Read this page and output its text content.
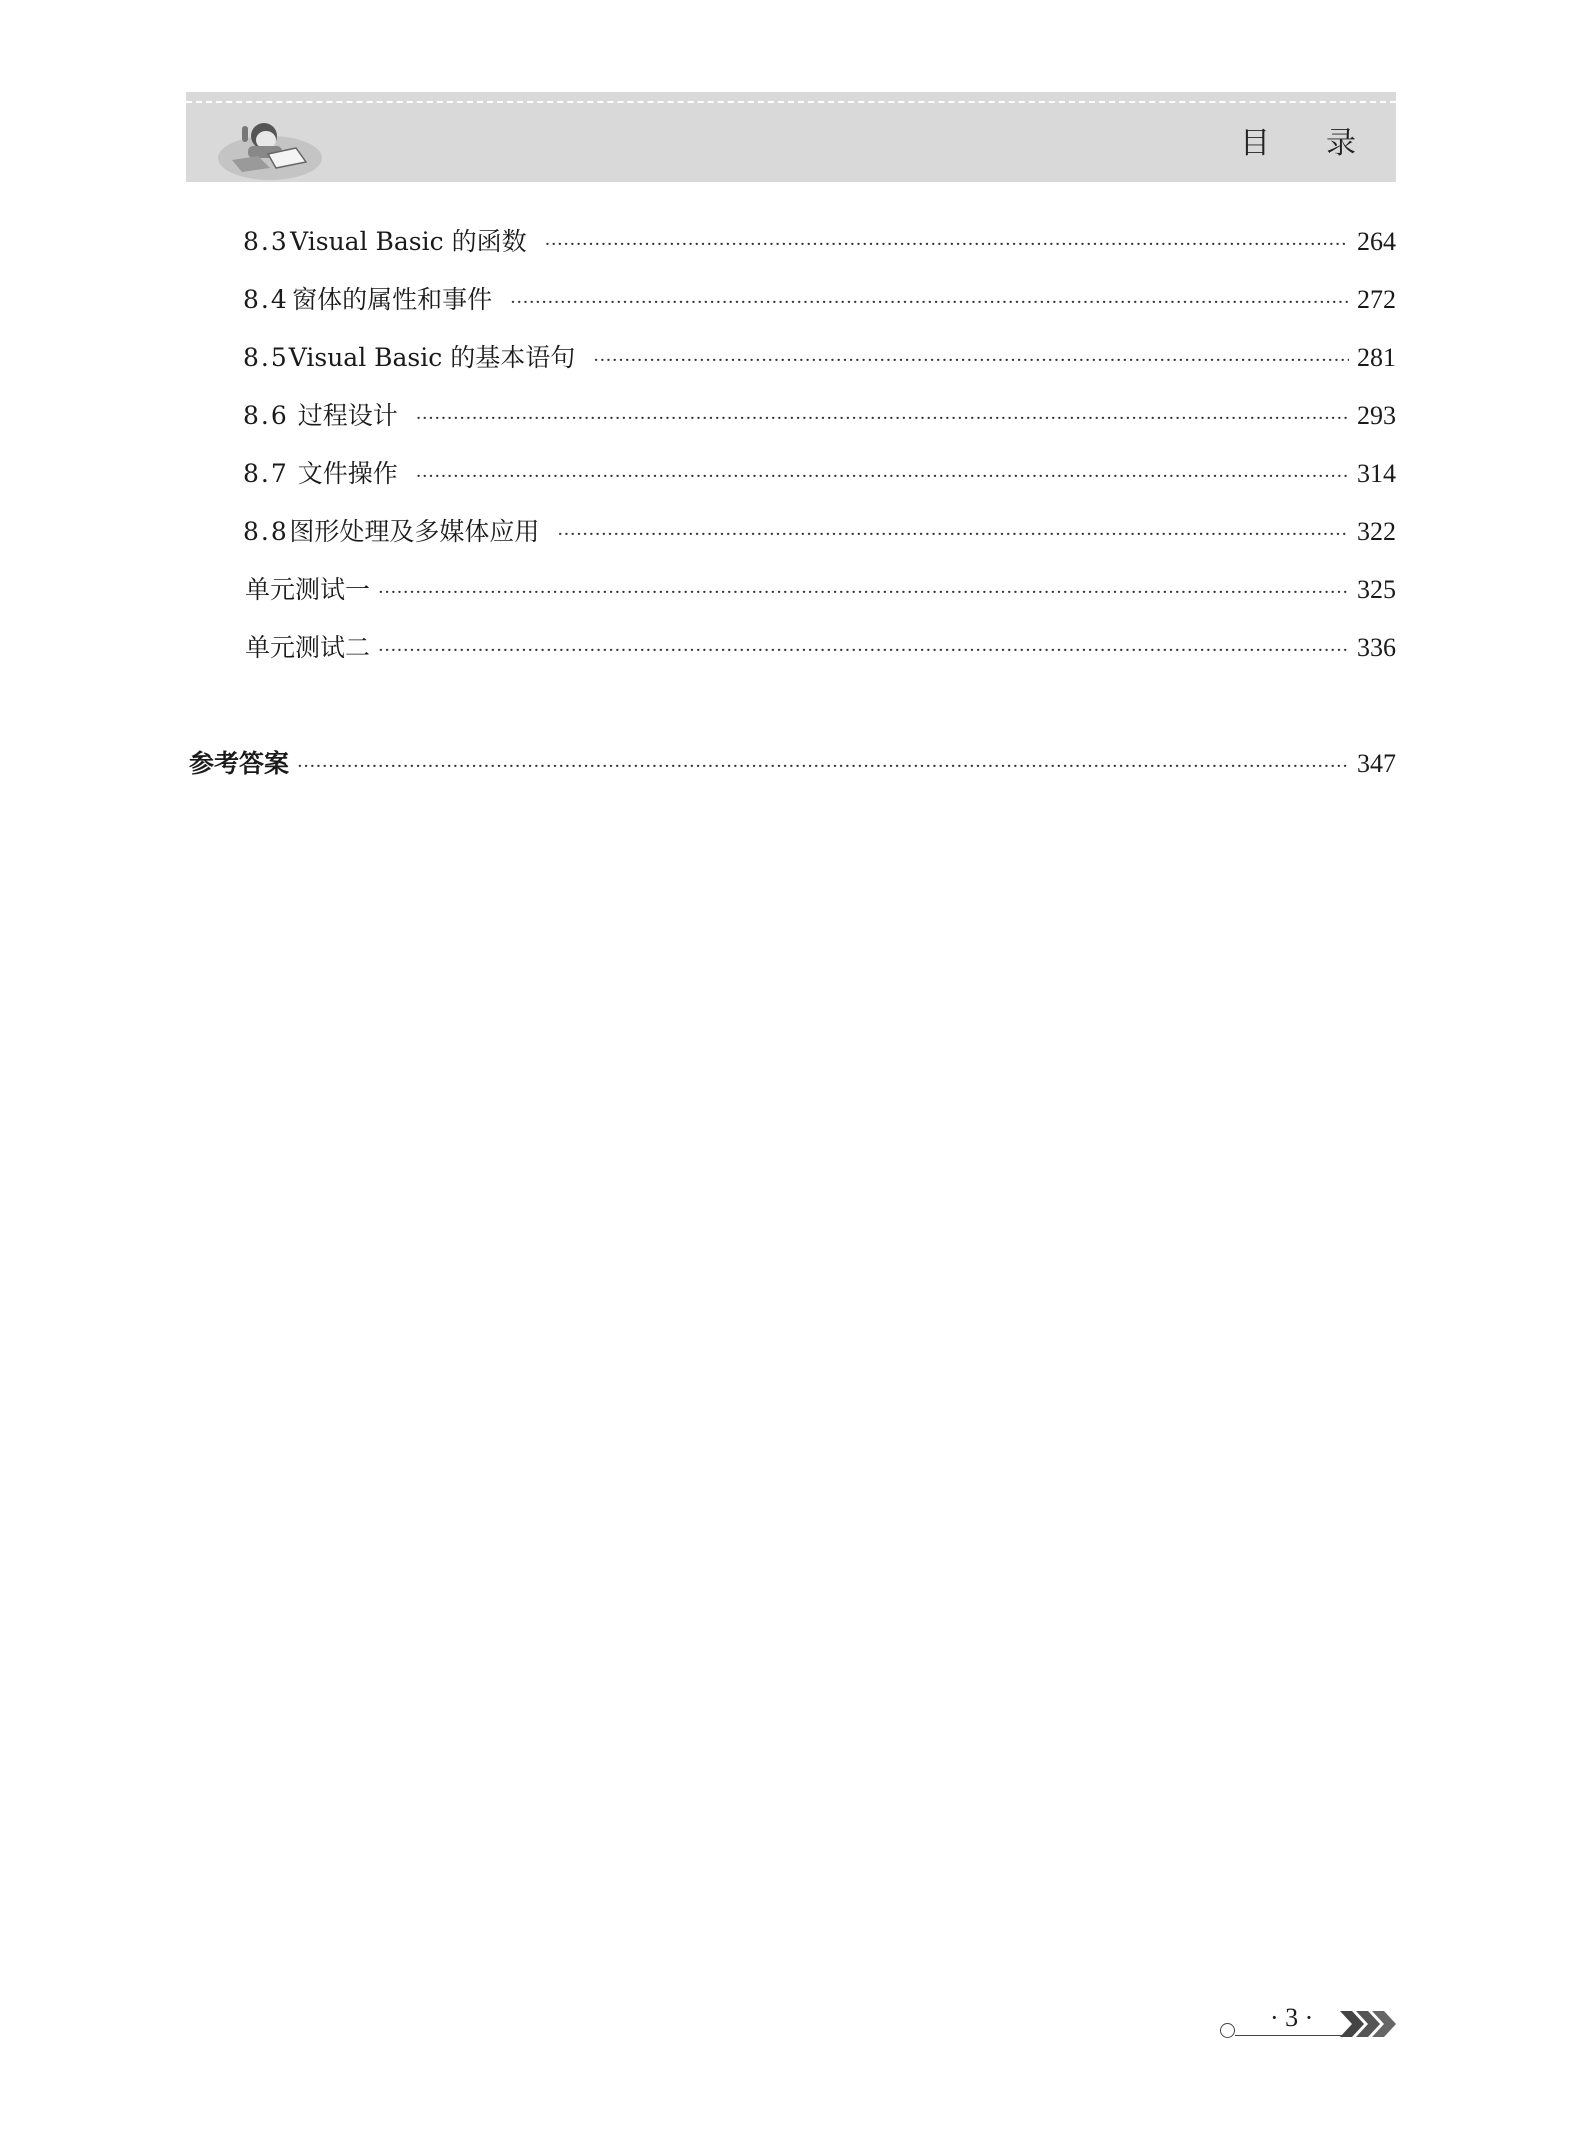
目录
8.3 Visual Basic 的函数 ·····	264
8.4 窗体的属性和事件 ·····	272
8.5 Visual Basic 的基本语句 ·····	281
8.6 过程设计 ·····	293
8.7 文件操作 ·····	314
8.8 图形处理及多媒体应用 ·····	322
单元测试一 ·····	325
单元测试二 ·····	336
参考答案 ·····	347
· 3 ·
